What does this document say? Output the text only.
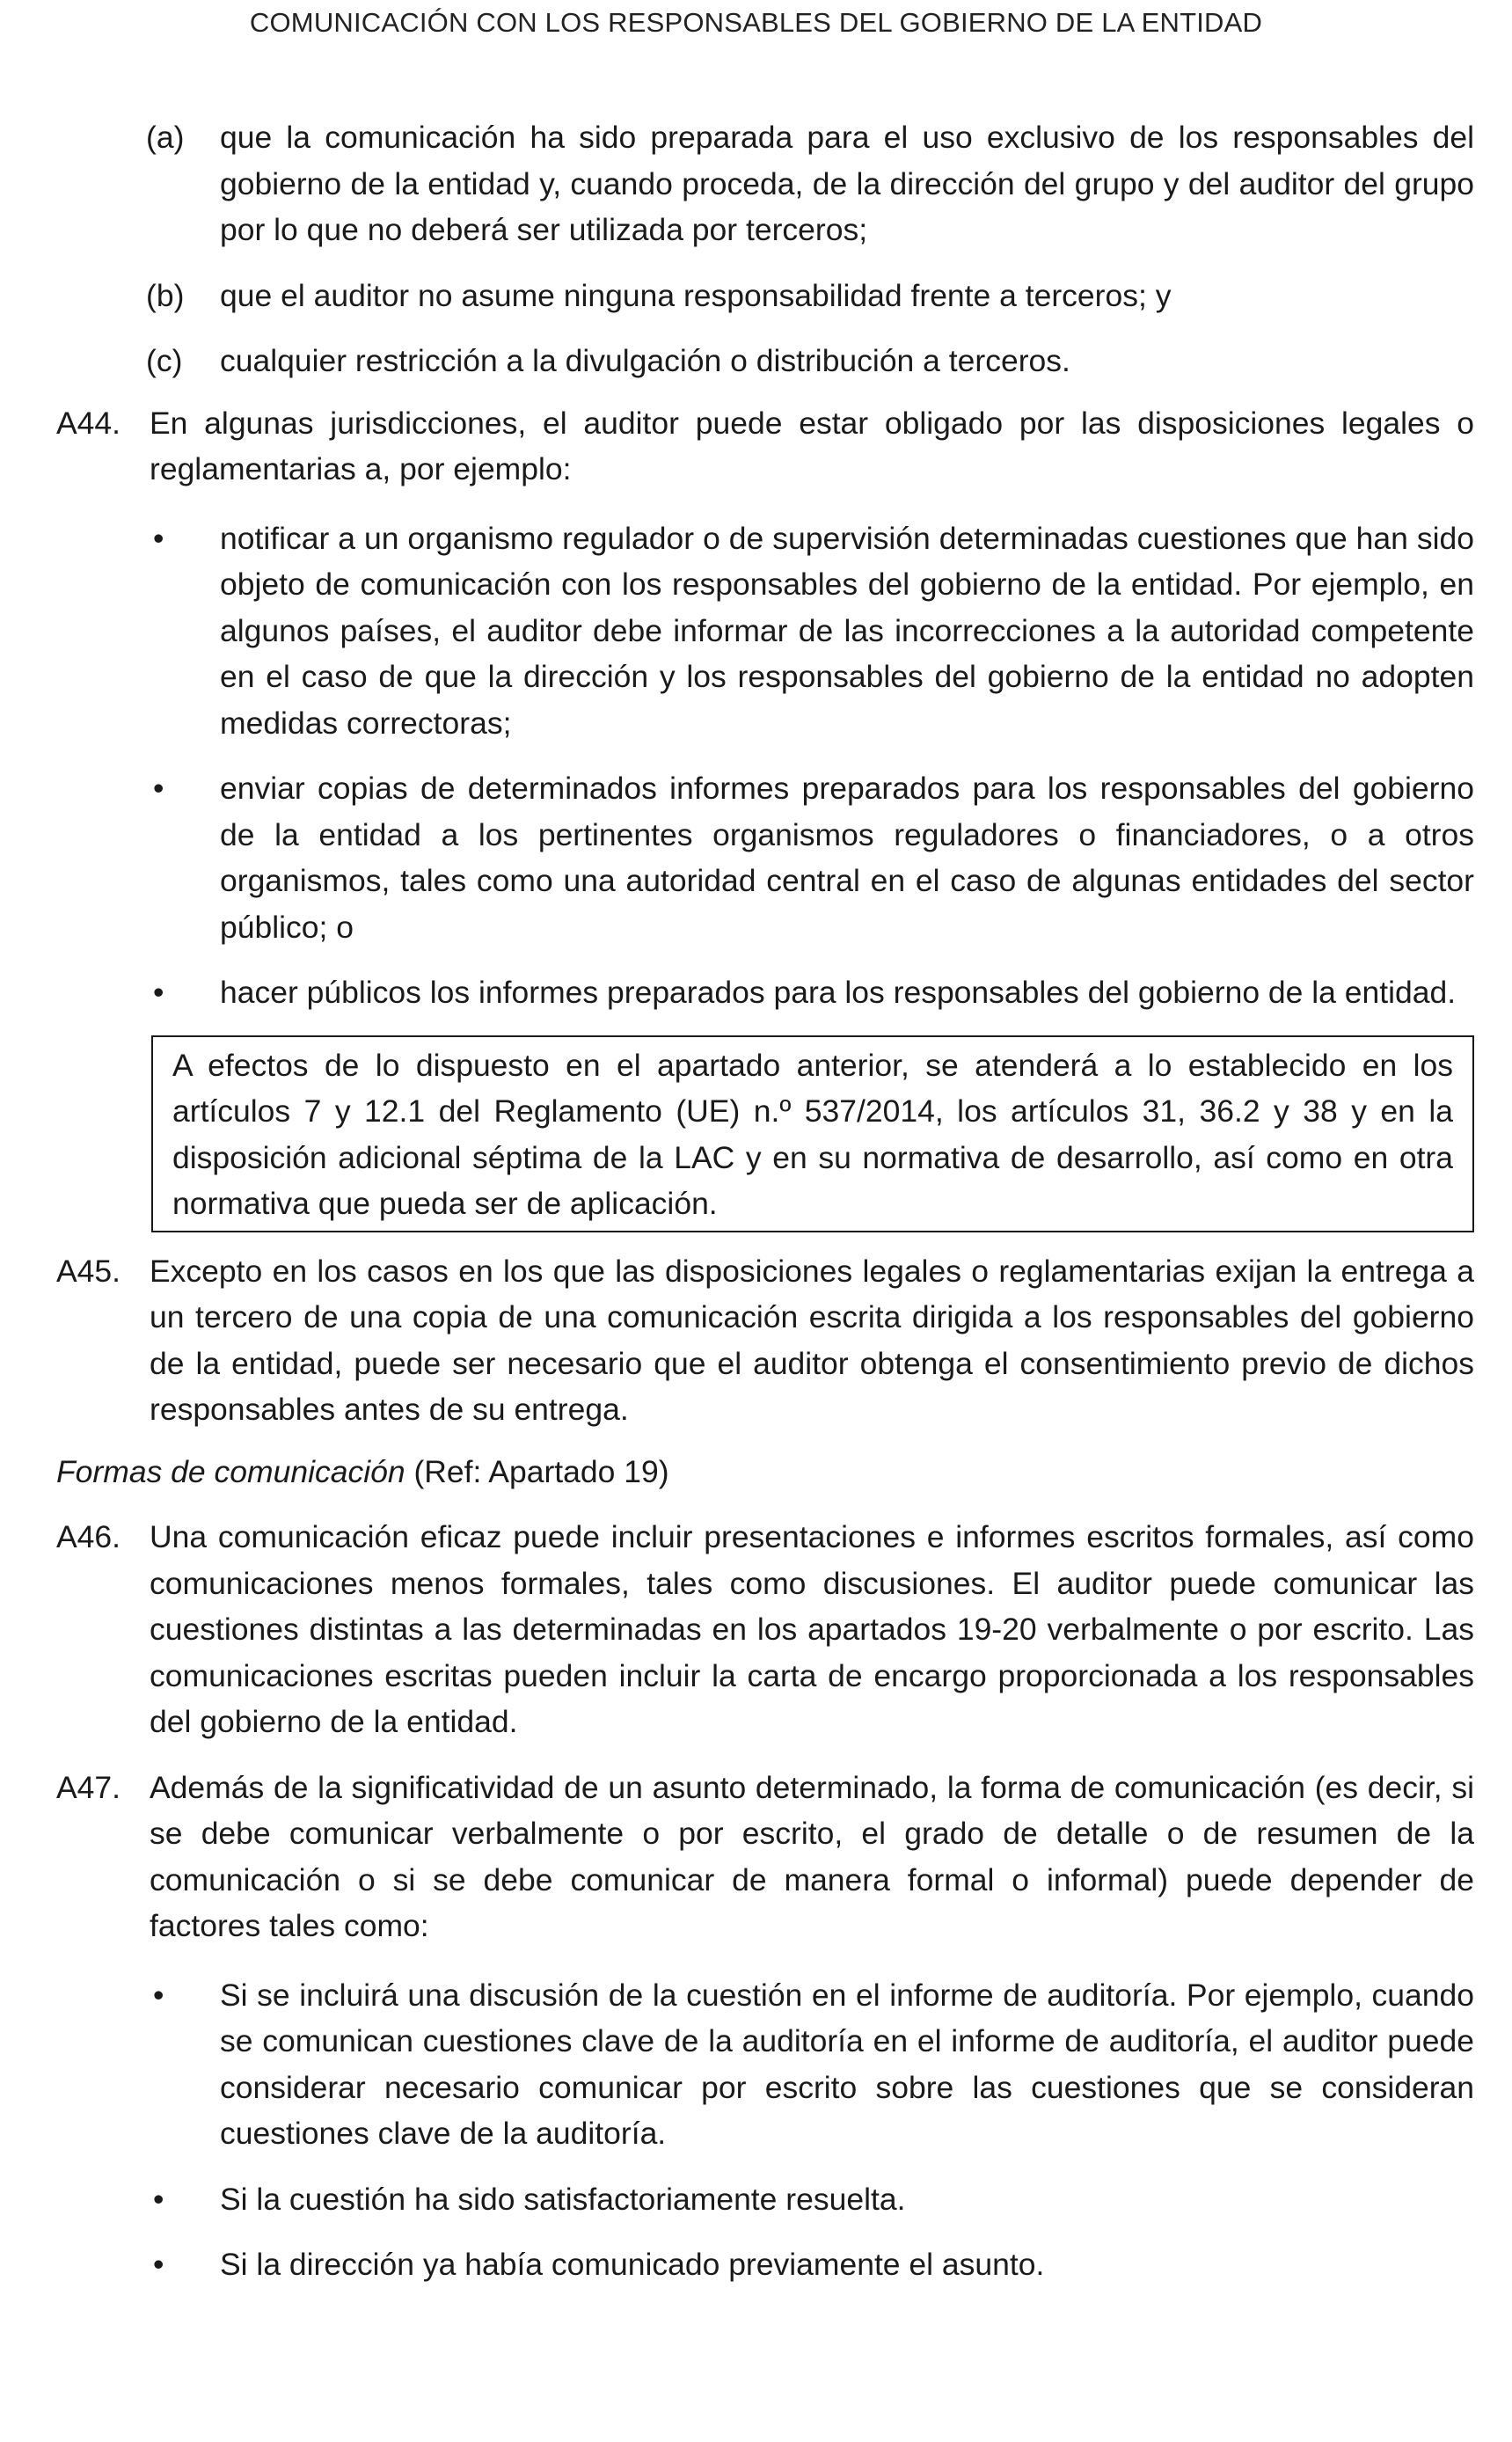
COMUNICACIÓN CON LOS RESPONSABLES DEL GOBIERNO DE LA ENTIDAD
(a) que la comunicación ha sido preparada para el uso exclusivo de los responsables del gobierno de la entidad y, cuando proceda, de la dirección del grupo y del auditor del grupo por lo que no deberá ser utilizada por terceros;
(b) que el auditor no asume ninguna responsabilidad frente a terceros; y
(c) cualquier restricción a la divulgación o distribución a terceros.
A44. En algunas jurisdicciones, el auditor puede estar obligado por las disposiciones legales o reglamentarias a, por ejemplo:
• notificar a un organismo regulador o de supervisión determinadas cuestiones que han sido objeto de comunicación con los responsables del gobierno de la entidad. Por ejemplo, en algunos países, el auditor debe informar de las incorrecciones a la autoridad competente en el caso de que la dirección y los responsables del gobierno de la entidad no adopten medidas correctoras;
• enviar copias de determinados informes preparados para los responsables del gobierno de la entidad a los pertinentes organismos reguladores o financiadores, o a otros organismos, tales como una autoridad central en el caso de algunas entidades del sector público; o
• hacer públicos los informes preparados para los responsables del gobierno de la entidad.
A efectos de lo dispuesto en el apartado anterior, se atenderá a lo establecido en los artículos 7 y 12.1 del Reglamento (UE) n.º 537/2014, los artículos 31, 36.2 y 38 y en la disposición adicional séptima de la LAC y en su normativa de desarrollo, así como en otra normativa que pueda ser de aplicación.
A45. Excepto en los casos en los que las disposiciones legales o reglamentarias exijan la entrega a un tercero de una copia de una comunicación escrita dirigida a los responsables del gobierno de la entidad, puede ser necesario que el auditor obtenga el consentimiento previo de dichos responsables antes de su entrega.
Formas de comunicación (Ref: Apartado 19)
A46. Una comunicación eficaz puede incluir presentaciones e informes escritos formales, así como comunicaciones menos formales, tales como discusiones. El auditor puede comunicar las cuestiones distintas a las determinadas en los apartados 19-20 verbalmente o por escrito. Las comunicaciones escritas pueden incluir la carta de encargo proporcionada a los responsables del gobierno de la entidad.
A47. Además de la significatividad de un asunto determinado, la forma de comunicación (es decir, si se debe comunicar verbalmente o por escrito, el grado de detalle o de resumen de la comunicación o si se debe comunicar de manera formal o informal) puede depender de factores tales como:
• Si se incluirá una discusión de la cuestión en el informe de auditoría. Por ejemplo, cuando se comunican cuestiones clave de la auditoría en el informe de auditoría, el auditor puede considerar necesario comunicar por escrito sobre las cuestiones que se consideran cuestiones clave de la auditoría.
• Si la cuestión ha sido satisfactoriamente resuelta.
• Si la dirección ya había comunicado previamente el asunto.
